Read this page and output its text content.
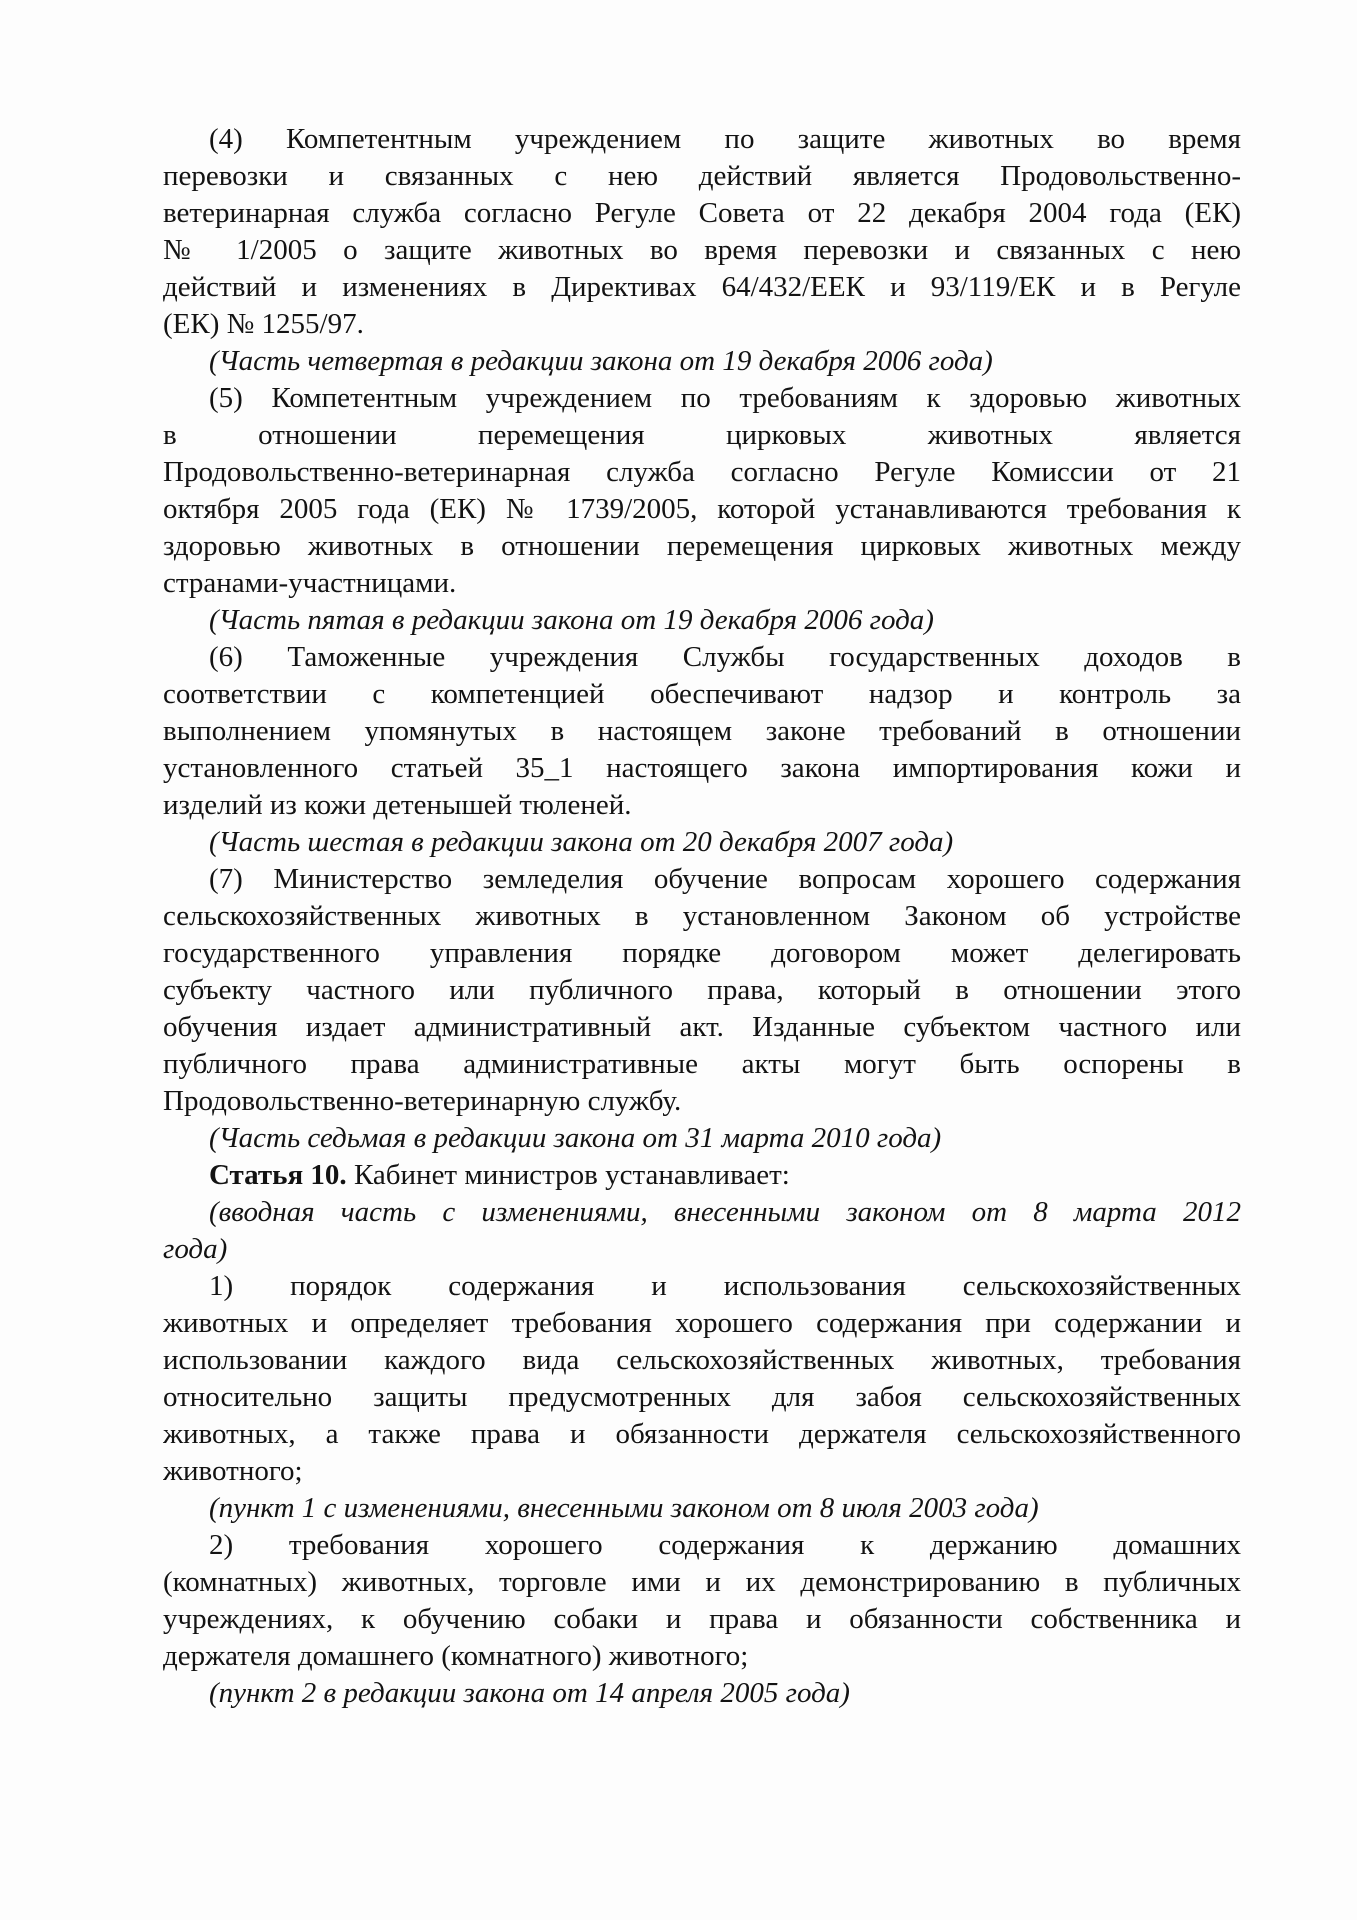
(4) Компетентным учреждением по защите животных во время
перевозки и связанных с нею действий является Продовольственно-
ветеринарная служба согласно Регуле Совета от 22 декабря 2004 года (ЕК)
№ 1/2005 о защите животных во время перевозки и связанных с нею
действий и изменениях в Директивах 64/432/ЕЕК и 93/119/ЕК и в Регуле
(ЕК) № 1255/97.
(Часть четвертая в редакции закона от 19 декабря 2006 года)
(5) Компетентным учреждением по требованиям к здоровью животных
в отношении перемещения цирковых животных является
Продовольственно-ветеринарная служба согласно Регуле Комиссии от 21
октября 2005 года (ЕК) № 1739/2005, которой устанавливаются требования к
здоровью животных в отношении перемещения цирковых животных между
странами-участницами.
(Часть пятая в редакции закона от 19 декабря 2006 года)
(6) Таможенные учреждения Службы государственных доходов в
соответствии с компетенцией обеспечивают надзор и контроль за
выполнением упомянутых в настоящем законе требований в отношении
установленного статьей 35_1 настоящего закона импортирования кожи и
изделий из кожи детенышей тюленей.
(Часть шестая в редакции закона от 20 декабря 2007 года)
(7) Министерство земледелия обучение вопросам хорошего содержания
сельскохозяйственных животных в установленном Законом об устройстве
государственного управления порядке договором может делегировать
субъекту частного или публичного права, который в отношении этого
обучения издает административный акт. Изданные субъектом частного или
публичного права административные акты могут быть оспорены в
Продовольственно-ветеринарную службу.
(Часть седьмая в редакции закона от 31 марта 2010 года)
Статья 10. Кабинет министров устанавливает:
(вводная часть с изменениями, внесенными законом от 8 марта 2012
года)
1) порядок содержания и использования сельскохозяйственных
животных и определяет требования хорошего содержания при содержании и
использовании каждого вида сельскохозяйственных животных, требования
относительно защиты предусмотренных для забоя сельскохозяйственных
животных, а также права и обязанности держателя сельскохозяйственного
животного;
(пункт 1 с изменениями, внесенными законом от 8 июля 2003 года)
2) требования хорошего содержания к держанию домашних
(комнатных) животных, торговле ими и их демонстрированию в публичных
учреждениях, к обучению собаки и права и обязанности собственника и
держателя домашнего (комнатного) животного;
(пункт 2 в редакции закона от 14 апреля 2005 года)
